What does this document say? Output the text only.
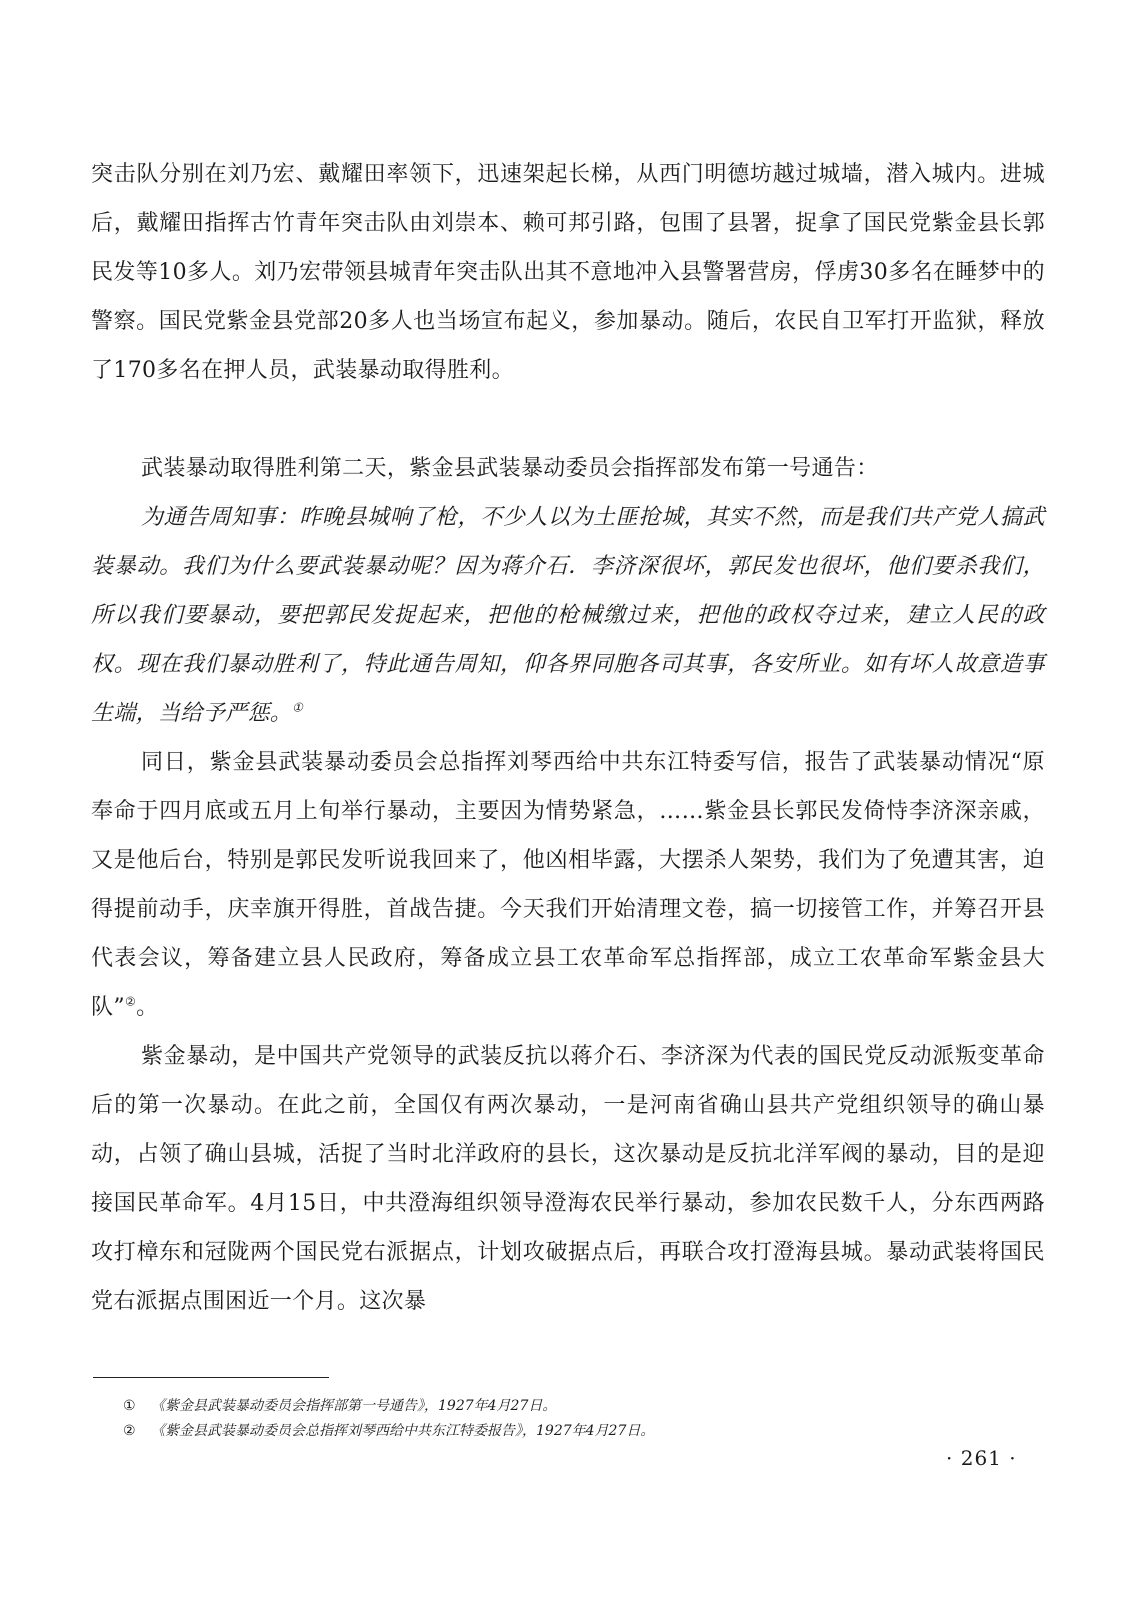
突击队分别在刘乃宏、戴耀田率领下，迅速架起长梯，从西门明德坊越过城墙，潜入城内。进城后，戴耀田指挥古竹青年突击队由刘崇本、赖可邦引路，包围了县署，捉拿了国民党紫金县长郭民发等10多人。刘乃宏带领县城青年突击队出其不意地冲入县警署营房，俘虏30多名在睡梦中的警察。国民党紫金县党部20多人也当场宣布起义，参加暴动。随后，农民自卫军打开监狱，释放了170多名在押人员，武装暴动取得胜利。

武装暴动取得胜利第二天，紫金县武装暴动委员会指挥部发布第一号通告：

为通告周知事：昨晚县城响了枪，不少人以为土匪抢城，其实不然，而是我们共产党人搞武装暴动。我们为什么要武装暴动呢？因为蒋介石．李济深很坏，郭民发也很坏，他们要杀我们，所以我们要暴动，要把郭民发捉起来，把他的枪械缴过来，把他的政权夺过来，建立人民的政权。现在我们暴动胜利了，特此通告周知，仰各界同胞各司其事，各安所业。如有坏人故意造事生端，当给予严惩。①

同日，紫金县武装暴动委员会总指挥刘琴西给中共东江特委写信，报告了武装暴动情况“原奉命于四月底或五月上旬举行暴动，主要因为情势紧急，……紫金县长郭民发倚恃李济深亲戚，又是他后台，特别是郭民发听说我回来了，他凶相毕露，大摆杀人架势，我们为了免遭其害，迫得提前动手，庆幸旗开得胜，首战告捷。今天我们开始清理文卷，搞一切接管工作，并筹召开县代表会议，筹备建立县人民政府，筹备成立县工农革命军总指挥部，成立工农革命军紫金县大队”②。

紫金暴动，是中国共产党领导的武装反抗以蒋介石、李济深为代表的国民党反动派叛变革命后的第一次暴动。在此之前，全国仅有两次暴动，一是河南省确山县共产党组织领导的确山暴动，占领了确山县城，活捉了当时北洋政府的县长，这次暴动是反抗北洋军阀的暴动，目的是迎接国民革命军。4月15日，中共澄海组织领导澄海农民举行暴动，参加农民数千人，分东西两路攻打樟东和冠陇两个国民党右派据点，计划攻破据点后，再联合攻打澄海县城。暴动武装将国民党右派据点围困近一个月。这次暴

① 《紫金县武装暴动委员会指挥部第一号通告》，1927年4月27日。

② 《紫金县武装暴动委员会总指挥刘琴西给中共东江特委报告》，1927年4月27日。

· 261 ·
